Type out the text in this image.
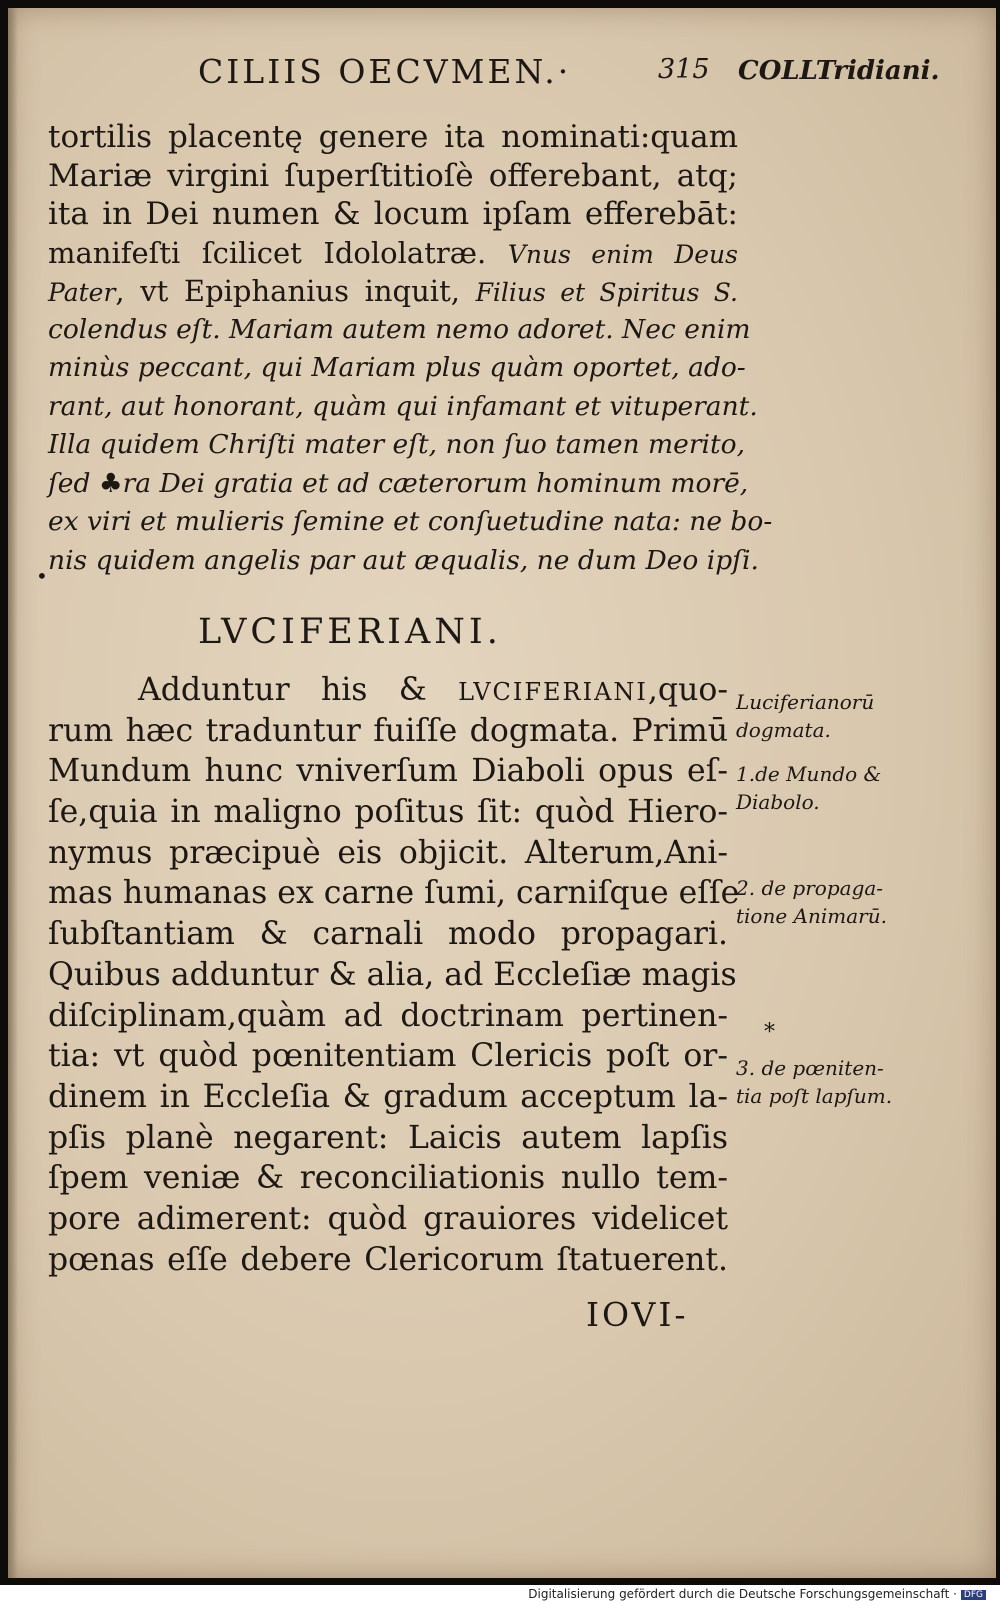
CILIIS OECVMEN.·	315 COLLTridiani.
tortilis placentę genere ita nominati:quam
Mariæ virgini ſuperſtitioſè offerebant, atq;
ita in Dei numen & locum ipſam efferebāt:
manifeſti ſcilicet Idololatræ. Vnus enim Deus
Pater, vt Epiphanius inquit, Filius et Spiritus S.
colendus eſt. Mariam autem nemo adoret. Nec enim
minùs peccant, qui Mariam plus quàm oportet, ado-
rant, aut honorant, quàm qui infamant et vituperant.
Illa quidem Chriſti mater eſt, non ſuo tamen merito,
ſed ♣ra Dei gratia et ad cæterorum hominum morē,
ex viri et mulieris ſemine et conſuetudine nata: ne bo-
nis quidem angelis par aut æqualis, ne dum Deo ipſi.
•
LVCIFERIANI.
Adduntur his & LVCIFERIANI,quo-
rum hæc traduntur fuiſſe dogmata. Primū
Mundum hunc vniverſum Diaboli opus eſ-
ſe,quia in maligno poſitus ſit: quòd Hiero-
nymus præcipuè eis objicit. Alterum,Ani-
mas humanas ex carne ſumi, carniſque eſſe
ſubſtantiam & carnali modo propagari.
Quibus adduntur & alia, ad Eccleſiæ magis
diſciplinam,quàm ad doctrinam pertinen-
tia: vt quòd pœnitentiam Clericis poſt or-
dinem in Eccleſia & gradum acceptum la-
pſis planè negarent: Laicis autem lapſis
ſpem veniæ & reconciliationis nullo tem-
pore adimerent: quòd grauiores videlicet
pœnas eſſe debere Clericorum ſtatuerent.
Luciferianorū
dogmata.
1.de Mundo &
Diabolo.
2. de propaga-
tione Animarū.
*
3. de pœniten-
tia poſt lapſum.
IOVI-
Digitalisierung gefördert durch die Deutsche Forschungsgemeinschaft · DFG
